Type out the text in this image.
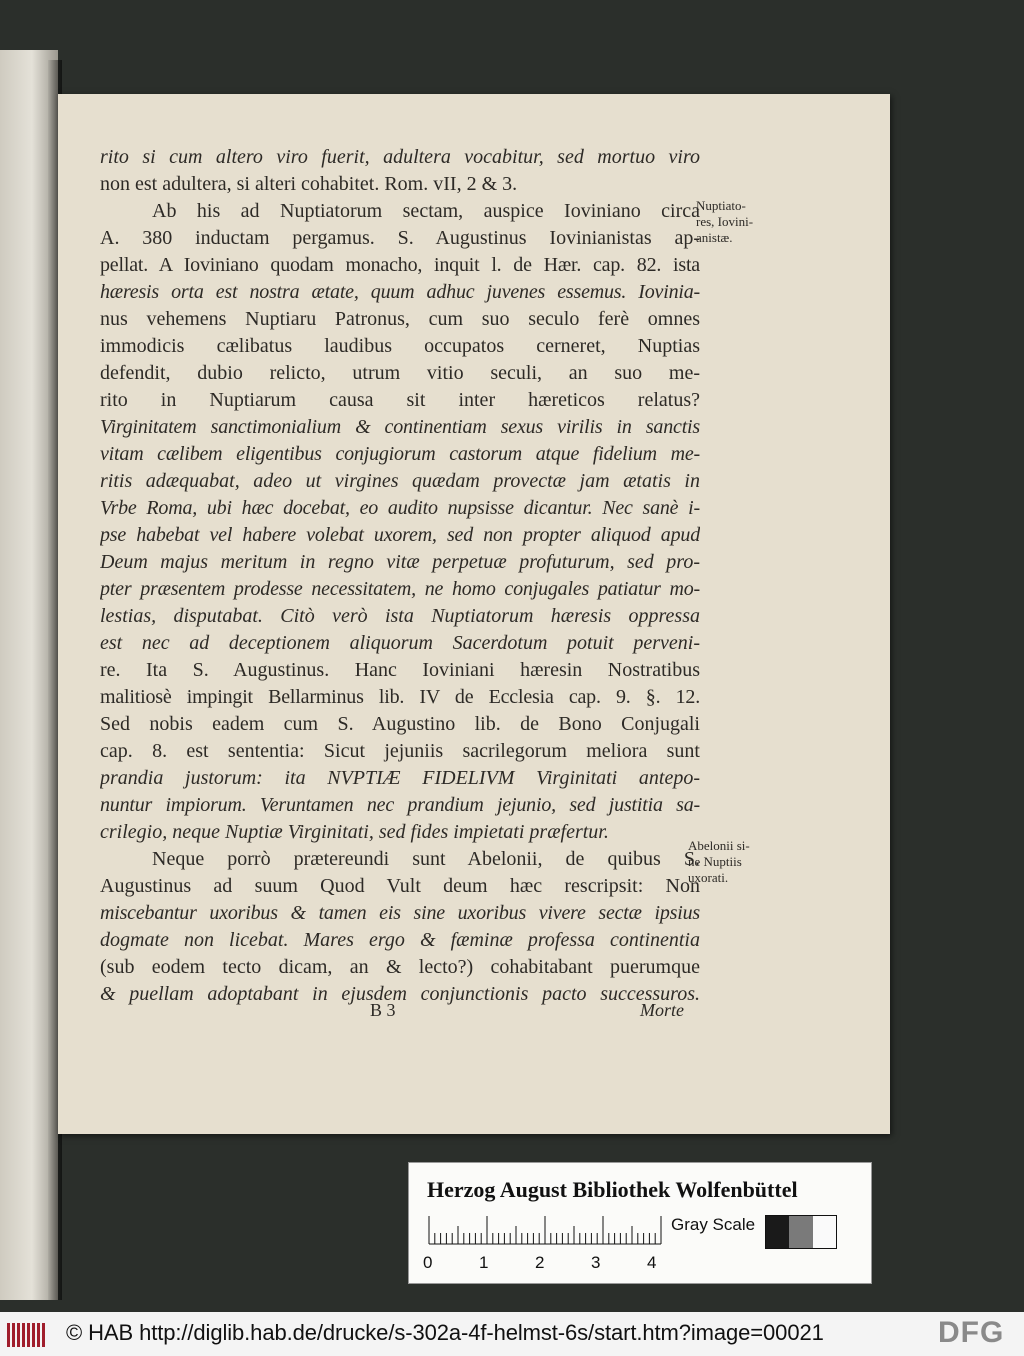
rito si cum altero viro fuerit, adultera vocabitur, sed mortuo viro
non est adultera, si alteri cohabitet. Rom. vII, 2 & 3.
Ab his ad Nuptiatorum sectam, auspice Ioviniano circa
A. 380 inductam pergamus. S. Augustinus Iovinianistas ap-
pellat. A Ioviniano quodam monacho, inquit l. de Hær. cap. 82. ista
hæresis orta est nostra ætate, quum adhuc juvenes essemus. Iovinia-
nus vehemens Nuptiaru Patronus, cum suo seculo ferè omnes
immodicis cælibatus laudibus occupatos cerneret, Nuptias
defendit, dubio relicto, utrum vitio seculi, an suo me-
rito in Nuptiarum causa sit inter hæreticos relatus?
Virginitatem sanctimonialium & continentiam sexus virilis in sanctis
vitam cælibem eligentibus conjugiorum castorum atque fidelium me-
ritis adæquabat, adeo ut virgines quædam provectæ jam ætatis in
Vrbe Roma, ubi hæc docebat, eo audito nupsisse dicantur. Nec sanè i-
pse habebat vel habere volebat uxorem, sed non propter aliquod apud
Deum majus meritum in regno vitæ perpetuæ profuturum, sed pro-
pter præsentem prodesse necessitatem, ne homo conjugales patiatur mo-
lestias, disputabat. Citò verò ista Nuptiatorum hæresis oppressa
est nec ad deceptionem aliquorum Sacerdotum potuit perveni-
re. Ita S. Augustinus. Hanc Ioviniani hæresin Nostratibus
malitiosè impingit Bellarminus lib. IV de Ecclesia cap. 9. §. 12.
Sed nobis eadem cum S. Augustino lib. de Bono Conjugali
cap. 8. est sententia: Sicut jejuniis sacrilegorum meliora sunt
prandia justorum: ita NVPTIÆ FIDELIVM Virginitati antepo-
nuntur impiorum. Veruntamen nec prandium jejunio, sed justitia sa-
crilegio, neque Nuptiæ Virginitati, sed fides impietati præfertur.
Neque porrò prætereundi sunt Abelonii, de quibus S.
Augustinus ad suum Quod Vult deum hæc rescripsit: Non
miscebantur uxoribus & tamen eis sine uxoribus vivere sectæ ipsius
dogmate non licebat. Mares ergo & fæminæ professa continentia
(sub eodem tecto dicam, an & lecto?) cohabitabant puerumque
& puellam adoptabant in ejusdem conjunctionis pacto successuros.
Nuptiato-
res, Iovini-
anistæ.
Abelonii si-
ne Nuptiis
uxorati.
B 3	Morte
Herzog August Bibliothek Wolfenbüttel
0	1	2	3	4
Gray Scale
© HAB http://diglib.hab.de/drucke/s-302a-4f-helmst-6s/start.htm?image=00021	DFG
